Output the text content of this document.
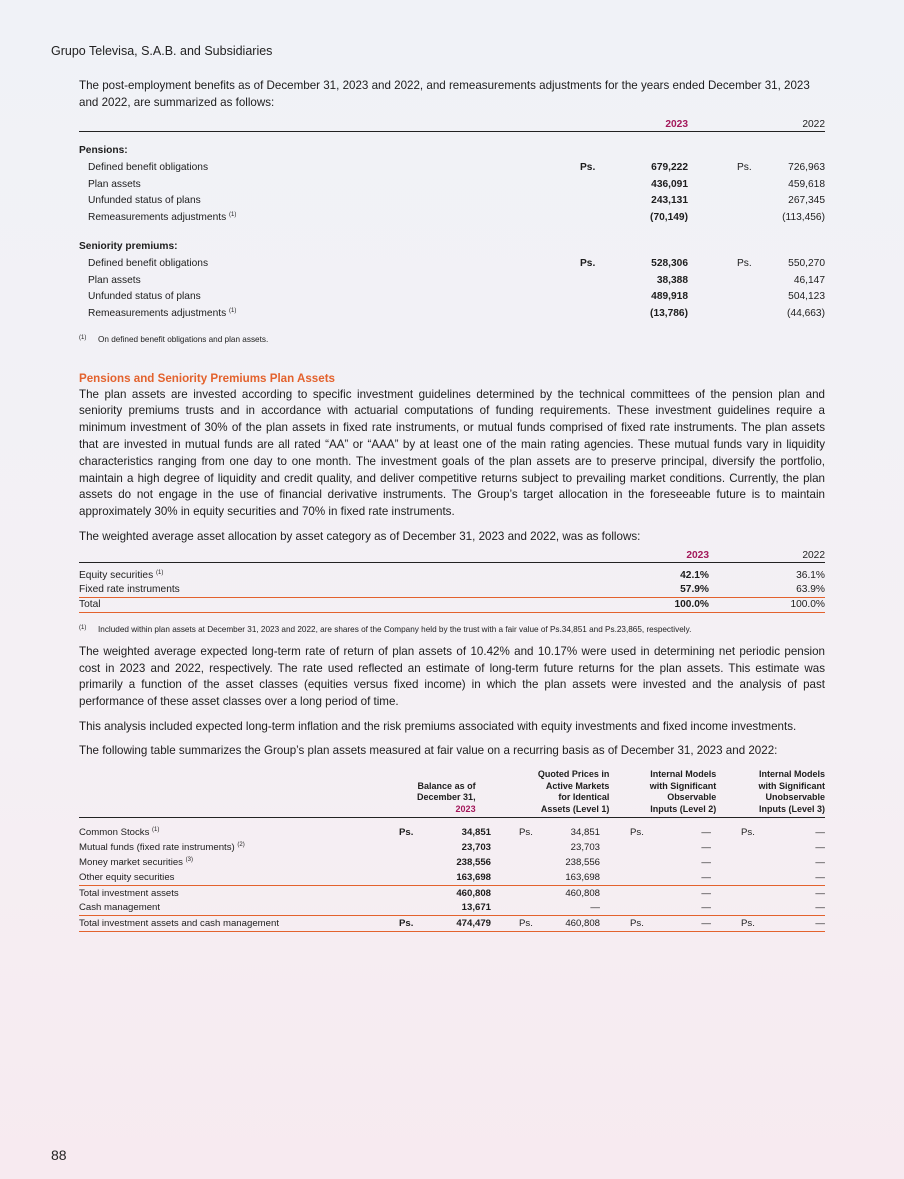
Grupo Televisa, S.A.B. and Subsidiaries

The post-employment benefits as of December 31, 2023 and 2022, and remeasurements adjustments for the years ended December 31, 2023 and 2022, are summarized as follows:

2023	2022
Pensions:
Defined benefit obligations	Ps.	679,222	Ps.	726,963
Plan assets	436,091	459,618
Unfunded status of plans	243,131	267,345
Remeasurements adjustments $^{(1)}$	(70,149)	(113,456)
Seniority premiums:
Defined benefit obligations	Ps.	528,306	Ps.	550,270
Plan assets	38,388	46,147
Unfunded status of plans	489,918	504,123
Remeasurements adjustments $^{(1)}$	(13,786)	(44,663)
(1)	On defined benefit obligations and plan assets.
Pensions and Seniority Premiums Plan Assets

The plan assets are invested according to specific investment guidelines determined by the technical committees of the pension plan and seniority premiums trusts and in accordance with actuarial computations of funding requirements. These investment guidelines require a minimum investment of 30% of the plan assets in fixed rate instruments, or mutual funds comprised of fixed rate instruments. The plan assets that are invested in mutual funds are all rated “AA” or “AAA” by at least one of the main rating agencies. These mutual funds vary in liquidity characteristics ranging from one day to one month. The investment goals of the plan assets are to preserve principal, diversify the portfolio, maintain a high degree of liquidity and credit quality, and deliver competitive returns subject to prevailing market conditions. Currently, the plan assets do not engage in the use of financial derivative instruments. The Group’s target allocation in the foreseeable future is to maintain approximately 30% in equity securities and 70% in fixed rate instruments.

The weighted average asset allocation by asset category as of December 31, 2023 and 2022, was as follows:

2023	2022
Equity securities $^{(1)}$	42.1%	36.1%
Fixed rate instruments	57.9%	63.9%
Total	100.0%	100.0%
(1)	Included within plan assets at December 31, 2023 and 2022, are shares of the Company held by the trust with a fair value of Ps.34,851 and Ps.23,865, respectively.

The weighted average expected long-term rate of return of plan assets of 10.42% and 10.17% were used in determining net periodic pension cost in 2023 and 2022, respectively. The rate used reflected an estimate of long-term future returns for the plan assets. This estimate was primarily a function of the asset classes (equities versus fixed income) in which the plan assets were invested and the analysis of past performance of these asset classes over a long period of time.

This analysis included expected long-term inflation and the risk premiums associated with equity investments and fixed income investments.

The following table summarizes the Group’s plan assets measured at fair value on a recurring basis as of December 31, 2023 and 2022:

Balance as of
December 31,
2023
Quoted Prices in
Active Markets
for Identical
Assets (Level 1)
Internal Models
with Significant
Observable
Inputs (Level 2)
Internal Models
with Significant
Unobservable
Inputs (Level 3)
Common Stocks $^{(1)}$	Ps.	34,851	Ps.	34,851	Ps.	—	Ps.	—
Mutual funds (fixed rate instruments) $^{(2)}$	23,703	23,703	—	—
Money market securities $^{(3)}$	238,556	238,556	—	—
Other equity securities	163,698	163,698	—	—
Total investment assets	460,808	460,808	—	—
Cash management	13,671	—	—	—
Total investment assets and cash management	Ps.	474,479	Ps.	460,808	Ps.	—	Ps.	—
88
